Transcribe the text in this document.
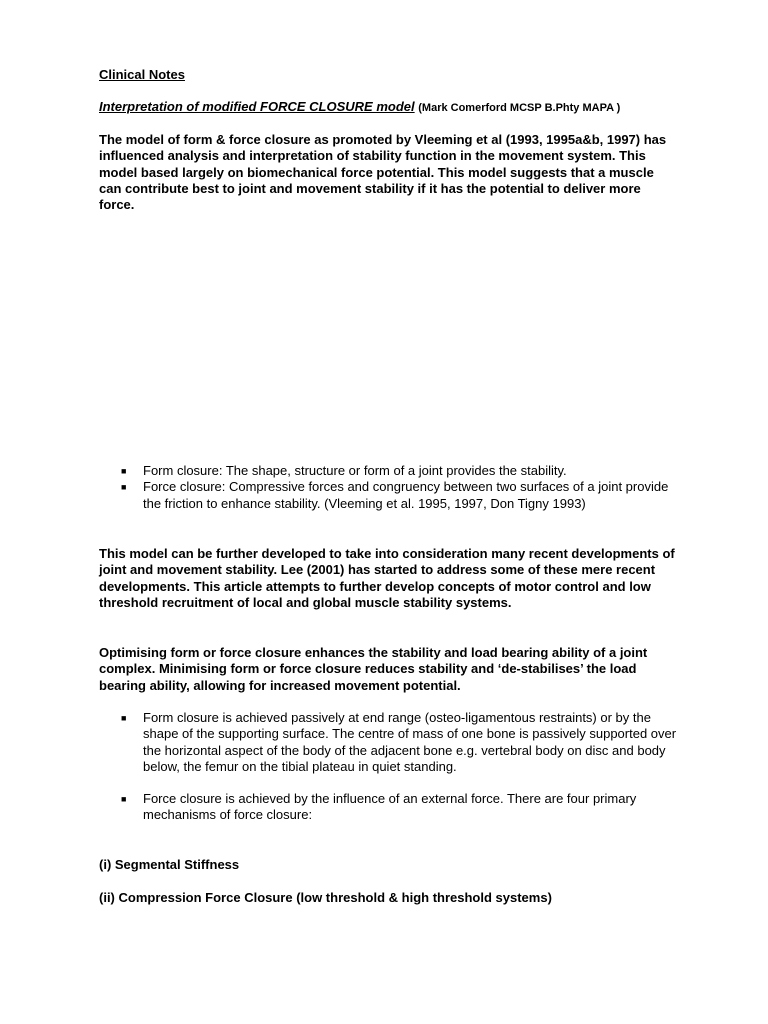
Clinical Notes
Interpretation of modified FORCE CLOSURE model (Mark Comerford MCSP B.Phty MAPA )

The model of form & force closure as promoted by Vleeming et al (1993, 1995a&b, 1997) has influenced analysis and interpretation of stability function in the movement system. This model based largely on biomechanical force potential. This model suggests that a muscle can contribute best to joint and movement stability if it has the potential to deliver more force.

■ Form closure: The shape, structure or form of a joint provides the stability.
■ Force closure: Compressive forces and congruency between two surfaces of a joint provide the friction to enhance stability. (Vleeming et al. 1995, 1997, Don Tigny 1993)

This model can be further developed to take into consideration many recent developments of joint and movement stability. Lee (2001) has started to address some of these mere recent developments. This article attempts to further develop concepts of motor control and low threshold recruitment of local and global muscle stability systems.

Optimising form or force closure enhances the stability and load bearing ability of a joint complex. Minimising form or force closure reduces stability and ‘de-stabilises’ the load bearing ability, allowing for increased movement potential.

■ Form closure is achieved passively at end range (osteo-ligamentous restraints) or by the shape of the supporting surface. The centre of mass of one bone is passively supported over the horizontal aspect of the body of the adjacent bone e.g. vertebral body on disc and body below, the femur on the tibial plateau in quiet standing.
■ Force closure is achieved by the influence of an external force. There are four primary mechanisms of force closure:

(i) Segmental Stiffness

(ii) Compression Force Closure (low threshold & high threshold systems)
